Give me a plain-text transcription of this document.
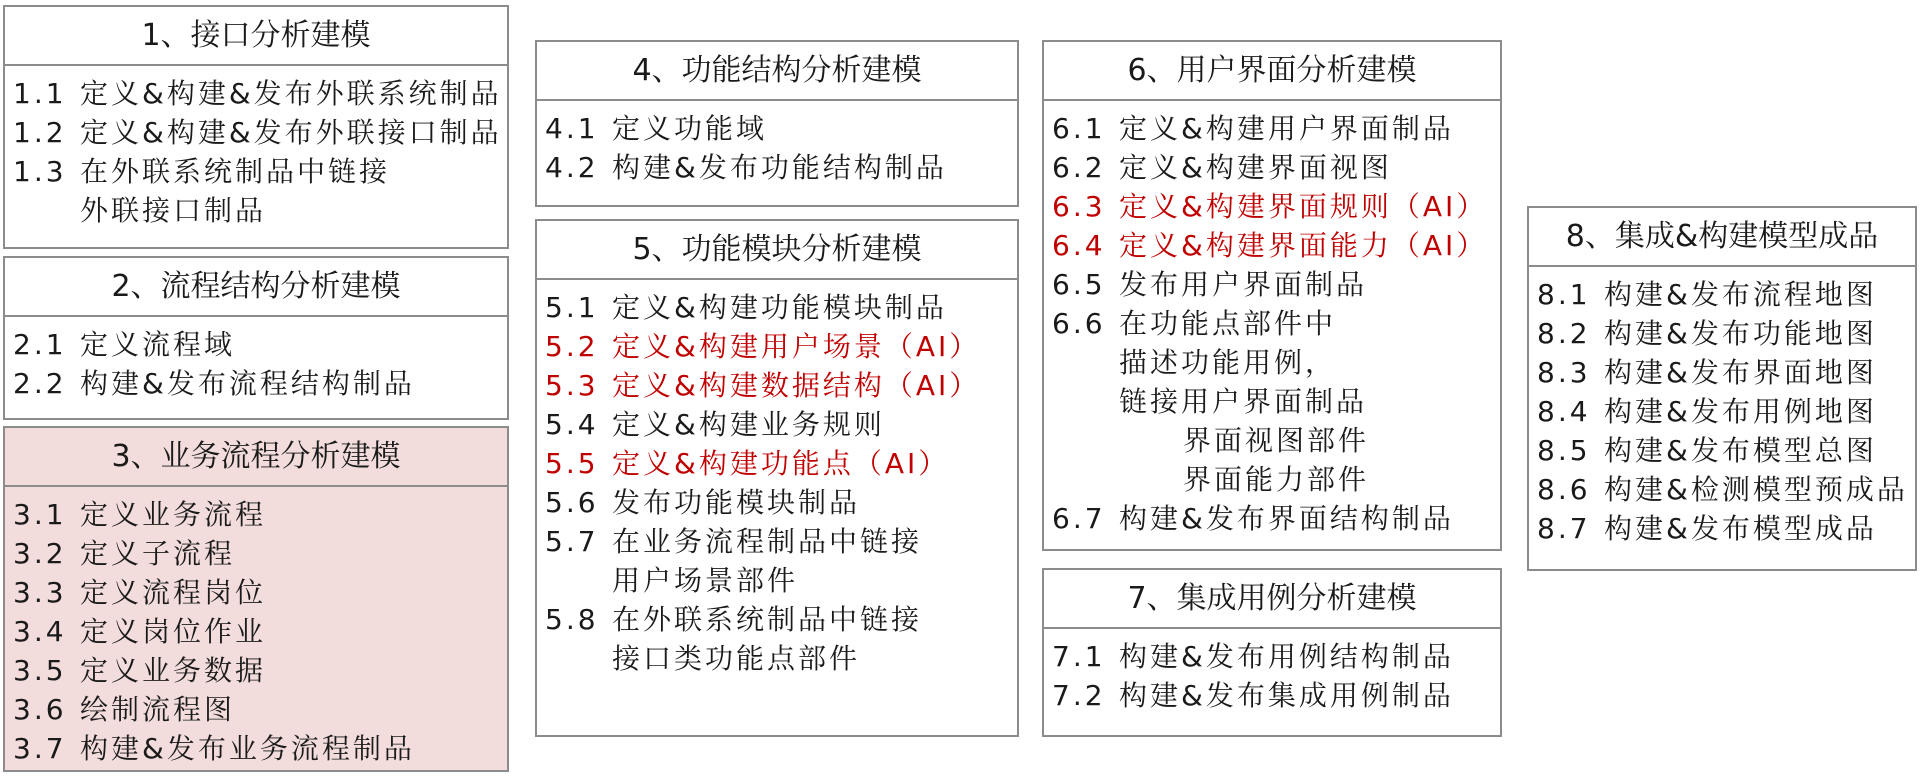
1、接口分析建模
1.1 定义&构建&发布外联系统制品
1.2 定义&构建&发布外联接口制品
1.3 在外联系统制品中链接
外联接口制品
2、流程结构分析建模
2.1 定义流程域
2.2 构建&发布流程结构制品
3、业务流程分析建模
3.1 定义业务流程
3.2 定义子流程
3.3 定义流程岗位
3.4 定义岗位作业
3.5 定义业务数据
3.6 绘制流程图
3.7 构建&发布业务流程制品
4、功能结构分析建模
4.1 定义功能域
4.2 构建&发布功能结构制品
5、功能模块分析建模
5.1 定义&构建功能模块制品
5.2 定义&构建用户场景（AI）
5.3 定义&构建数据结构（AI）
5.4 定义&构建业务规则
5.5 定义&构建功能点（AI）
5.6 发布功能模块制品
5.7 在业务流程制品中链接
用户场景部件
5.8 在外联系统制品中链接
接口类功能点部件
6、用户界面分析建模
6.1 定义&构建用户界面制品
6.2 定义&构建界面视图
6.3 定义&构建界面规则（AI）
6.4 定义&构建界面能力（AI）
6.5 发布用户界面制品
6.6 在功能点部件中
描述功能用例，
链接用户界面制品
界面视图部件
界面能力部件
6.7 构建&发布界面结构制品
7、集成用例分析建模
7.1 构建&发布用例结构制品
7.2 构建&发布集成用例制品
8、集成&构建模型成品
8.1 构建&发布流程地图
8.2 构建&发布功能地图
8.3 构建&发布界面地图
8.4 构建&发布用例地图
8.5 构建&发布模型总图
8.6 构建&检测模型预成品
8.7 构建&发布模型成品
